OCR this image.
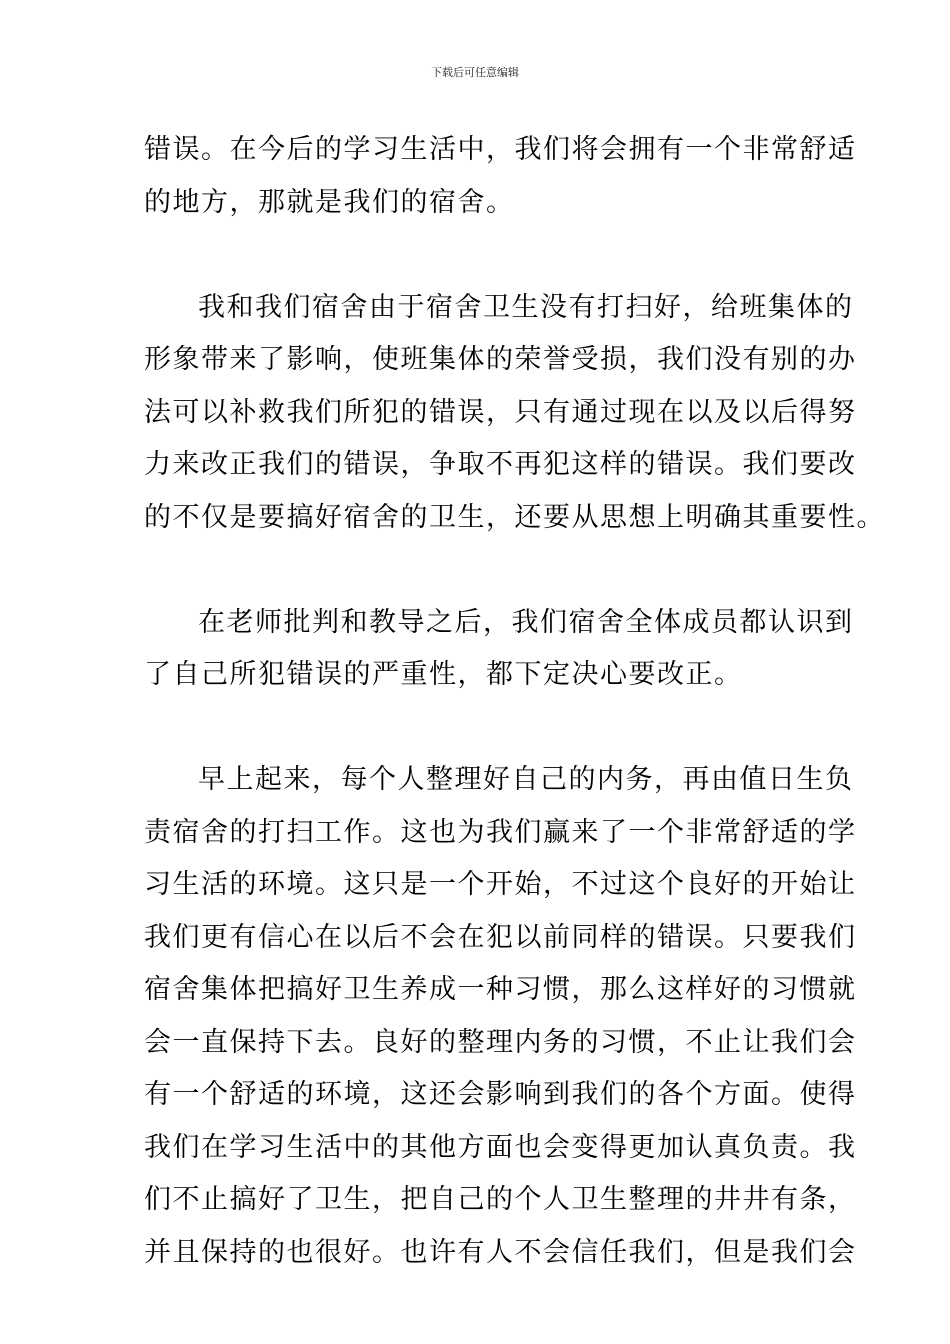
下载后可任意编辑
错误。在今后的学习生活中，我们将会拥有一个非常舒适
的地方，那就是我们的宿舍。
我和我们宿舍由于宿舍卫生没有打扫好，给班集体的
形象带来了影响，使班集体的荣誉受损，我们没有别的办
法可以补救我们所犯的错误，只有通过现在以及以后得努
力来改正我们的错误，争取不再犯这样的错误。我们要改
的不仅是要搞好宿舍的卫生，还要从思想上明确其重要性。
在老师批判和教导之后，我们宿舍全体成员都认识到
了自己所犯错误的严重性，都下定决心要改正。
早上起来，每个人整理好自己的内务，再由值日生负
责宿舍的打扫工作。这也为我们赢来了一个非常舒适的学
习生活的环境。这只是一个开始，不过这个良好的开始让
我们更有信心在以后不会在犯以前同样的错误。只要我们
宿舍集体把搞好卫生养成一种习惯，那么这样好的习惯就
会一直保持下去。良好的整理内务的习惯，不止让我们会
有一个舒适的环境，这还会影响到我们的各个方面。使得
我们在学习生活中的其他方面也会变得更加认真负责。我
们不止搞好了卫生，把自己的个人卫生整理的井井有条，
并且保持的也很好。也许有人不会信任我们，但是我们会
